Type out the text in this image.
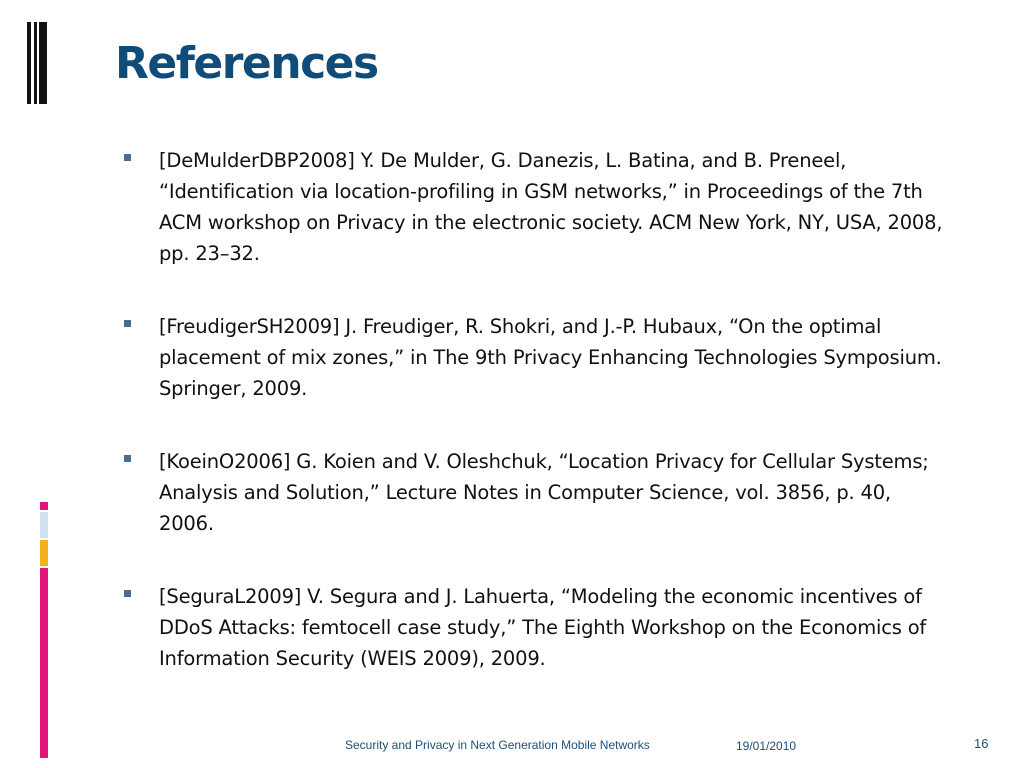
References
[DeMulderDBP2008] Y. De Mulder, G. Danezis, L. Batina, and B. Preneel, “Identification via location-profiling in GSM networks,” in Proceedings of the 7th ACM workshop on Privacy in the electronic society. ACM New York, NY, USA, 2008, pp. 23–32.
[FreudigerSH2009] J. Freudiger, R. Shokri, and J.-P. Hubaux, “On the optimal placement of mix zones,” in The 9th Privacy Enhancing Technologies Symposium. Springer, 2009.
[KoeinO2006] G. Koien and V. Oleshchuk, “Location Privacy for Cellular Systems; Analysis and Solution,” Lecture Notes in Computer Science, vol. 3856, p. 40, 2006.
[SeguraL2009] V. Segura and J. Lahuerta, “Modeling the economic incentives of DDoS Attacks: femtocell case study,” The Eighth Workshop on the Economics of Information Security (WEIS 2009), 2009.
Security and Privacy in Next Generation Mobile Networks	19/01/2010	16
